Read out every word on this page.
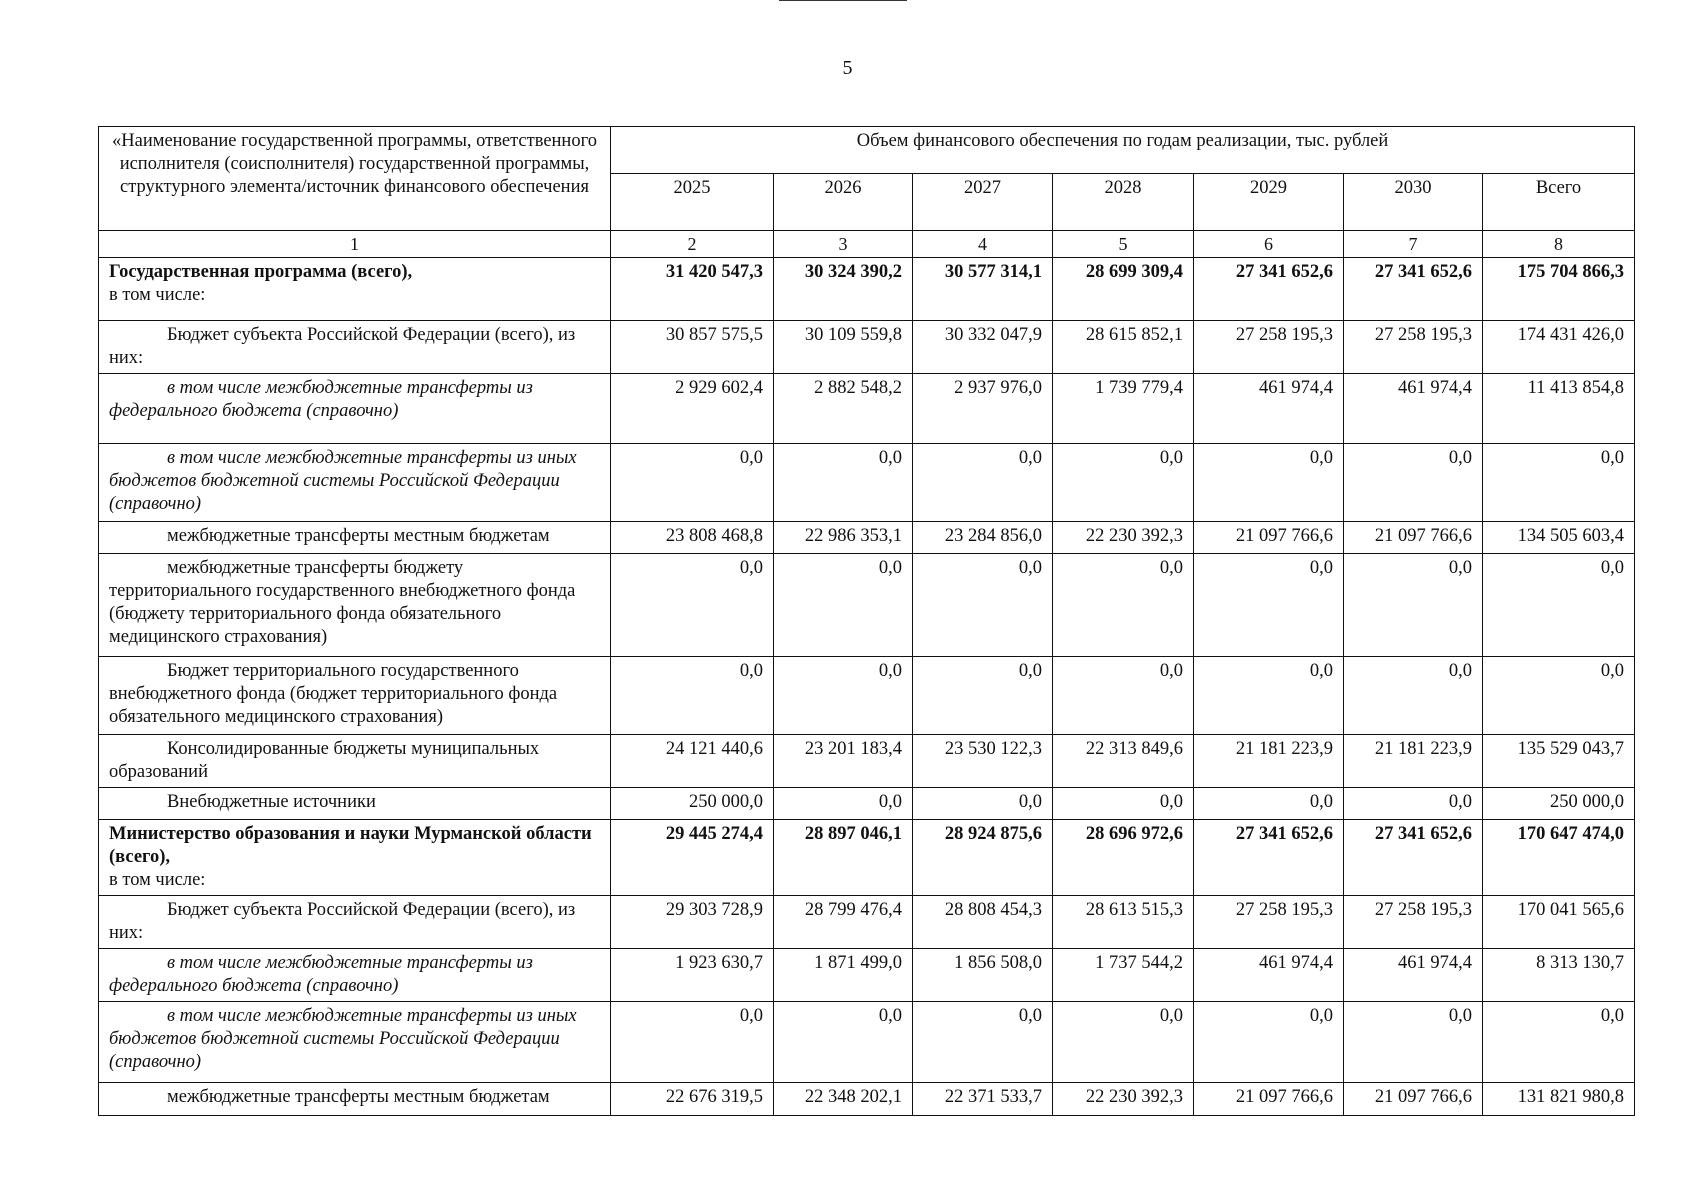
5
«Наименование государственной программы, ответственного исполнителя (соисполнителя) государственной программы, структурного элемента/источник финансового обеспечения	Объем финансового обеспечения по годам реализации, тыс. рублей						
	2025	2026	2027	2028	2029	2030	Всего
1	2	3	4	5	6	7	8
Государственная программа (всего),
в том числе:	31 420 547,3	30 324 390,2	30 577 314,1	28 699 309,4	27 341 652,6	27 341 652,6	175 704 866,3

Бюджет субъекта Российской Федерации (всего), из них:	30 857 575,5	30 109 559,8	30 332 047,9	28 615 852,1	27 258 195,3	27 258 195,3	174 431 426,0

в том числе межбюджетные трансферты из федерального бюджета (справочно)	2 929 602,4	2 882 548,2	2 937 976,0	1 739 779,4	461 974,4	461 974,4	11 413 854,8

в том числе межбюджетные трансферты из иных бюджетов бюджетной системы Российской Федерации (справочно)	0,0	0,0	0,0	0,0	0,0	0,0	0,0

межбюджетные трансферты местным бюджетам	23 808 468,8	22 986 353,1	23 284 856,0	22 230 392,3	21 097 766,6	21 097 766,6	134 505 603,4

межбюджетные трансферты бюджету территориального государственного внебюджетного фонда (бюджету территориального фонда обязательного медицинского страхования)	0,0	0,0	0,0	0,0	0,0	0,0	0,0

Бюджет территориального государственного внебюджетного фонда (бюджет территориального фонда обязательного медицинского страхования)	0,0	0,0	0,0	0,0	0,0	0,0	0,0

Консолидированные бюджеты муниципальных образований	24 121 440,6	23 201 183,4	23 530 122,3	22 313 849,6	21 181 223,9	21 181 223,9	135 529 043,7

Внебюджетные источники	250 000,0	0,0	0,0	0,0	0,0	0,0	250 000,0
Министерство образования и науки Мурманской области (всего),
в том числе:	29 445 274,4	28 897 046,1	28 924 875,6	28 696 972,6	27 341 652,6	27 341 652,6	170 647 474,0

Бюджет субъекта Российской Федерации (всего), из них:	29 303 728,9	28 799 476,4	28 808 454,3	28 613 515,3	27 258 195,3	27 258 195,3	170 041 565,6

в том числе межбюджетные трансферты из федерального бюджета (справочно)	1 923 630,7	1 871 499,0	1 856 508,0	1 737 544,2	461 974,4	461 974,4	8 313 130,7

в том числе межбюджетные трансферты из иных бюджетов бюджетной системы Российской Федерации (справочно)	0,0	0,0	0,0	0,0	0,0	0,0	0,0

межбюджетные трансферты местным бюджетам	22 676 319,5	22 348 202,1	22 371 533,7	22 230 392,3	21 097 766,6	21 097 766,6	131 821 980,8
